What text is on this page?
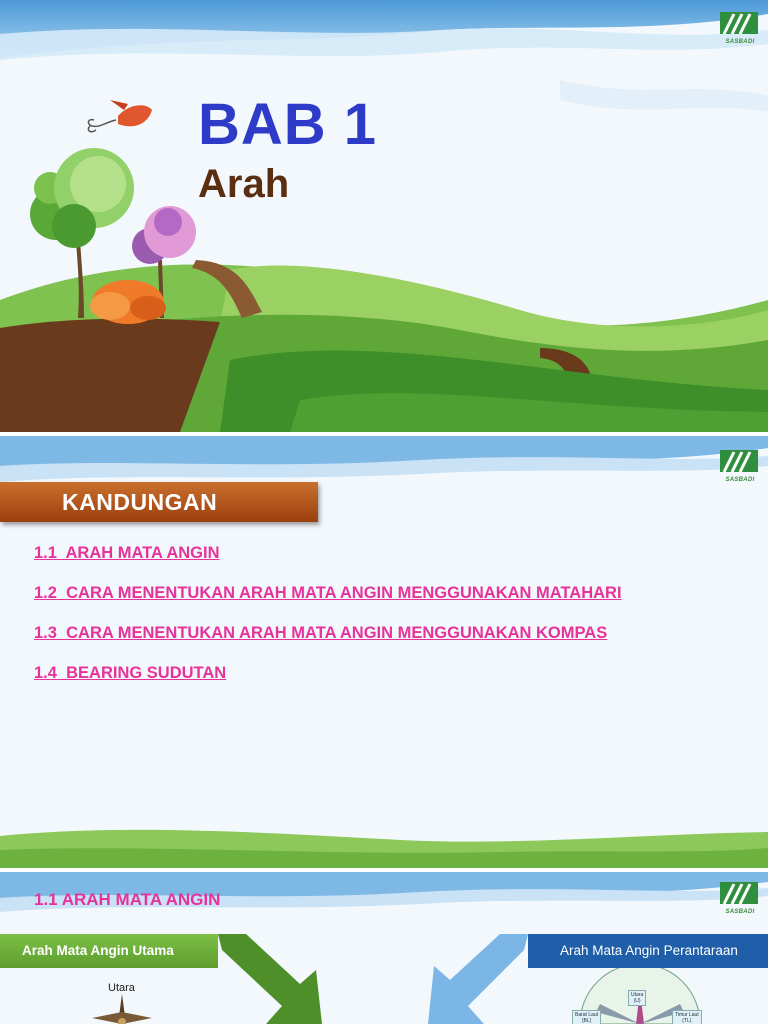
SASBADI
BAB 1
Arah
SASBADI
KANDUNGAN
1.1 ARAH MATA ANGIN
1.2 CARA MENENTUKAN ARAH MATA ANGIN MENGGUNAKAN MATAHARI
1.3 CARA MENENTUKAN ARAH MATA ANGIN MENGGUNAKAN KOMPAS
1.4 BEARING SUDUTAN
SASBADI
1.1 ARAH MATA ANGIN
Arah Mata Angin Utama	Arah Mata Angin Perantaraan
Utara
Utara
(U)
Barat Laut
(BL)
Timur Laut
(TL)
